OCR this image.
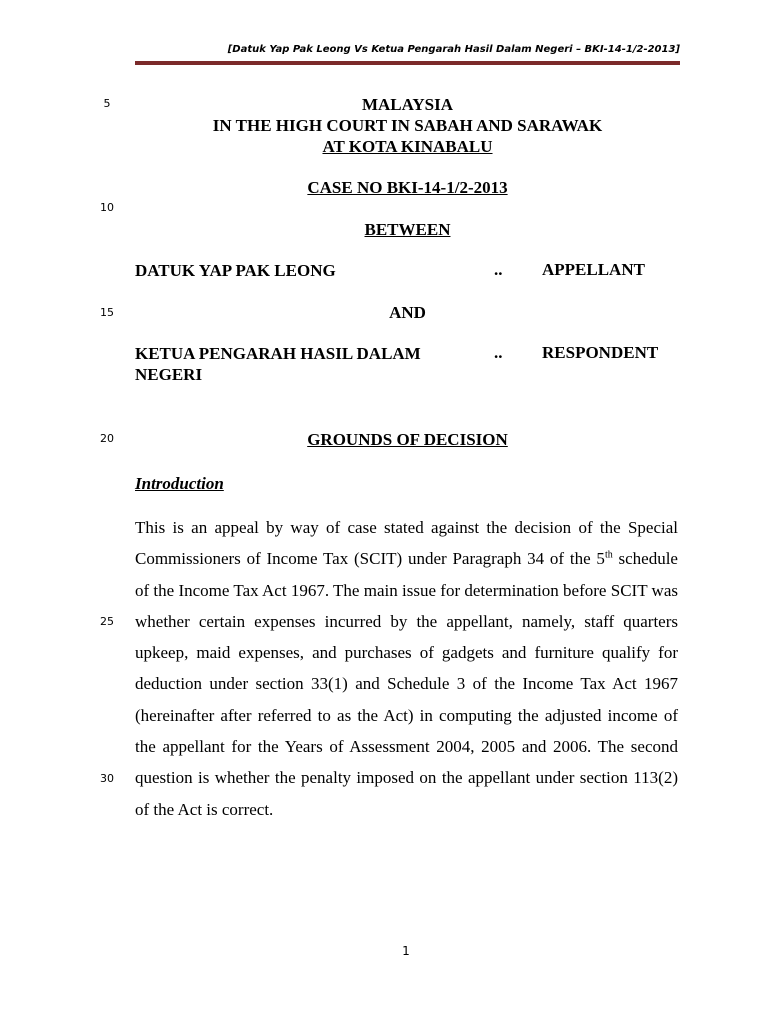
[Datuk Yap Pak Leong Vs Ketua Pengarah Hasil Dalam Negeri – BKI-14-1/2-2013]
5
10
15
20
25
30
MALAYSIA
IN THE HIGH COURT IN SABAH AND SARAWAK
AT KOTA KINABALU
CASE NO BKI-14-1/2-2013
BETWEEN
DATUK YAP PAK LEONG	.. APPELLANT
AND
KETUA PENGARAH HASIL DALAM
NEGERI
.. RESPONDENT
GROUNDS OF DECISION
Introduction
This is an appeal by way of case stated against the decision of the Special Commissioners of Income Tax (SCIT) under Paragraph 34 of the 5th schedule of the Income Tax Act 1967. The main issue for determination before SCIT was whether certain expenses incurred by the appellant, namely, staff quarters upkeep, maid expenses, and purchases of gadgets and furniture qualify for deduction under section 33(1) and Schedule 3 of the Income Tax Act 1967 (hereinafter after referred to as the Act) in computing the adjusted income of the appellant for the Years of Assessment 2004, 2005 and 2006. The second question is whether the penalty imposed on the appellant under section 113(2) of the Act is correct.
1
